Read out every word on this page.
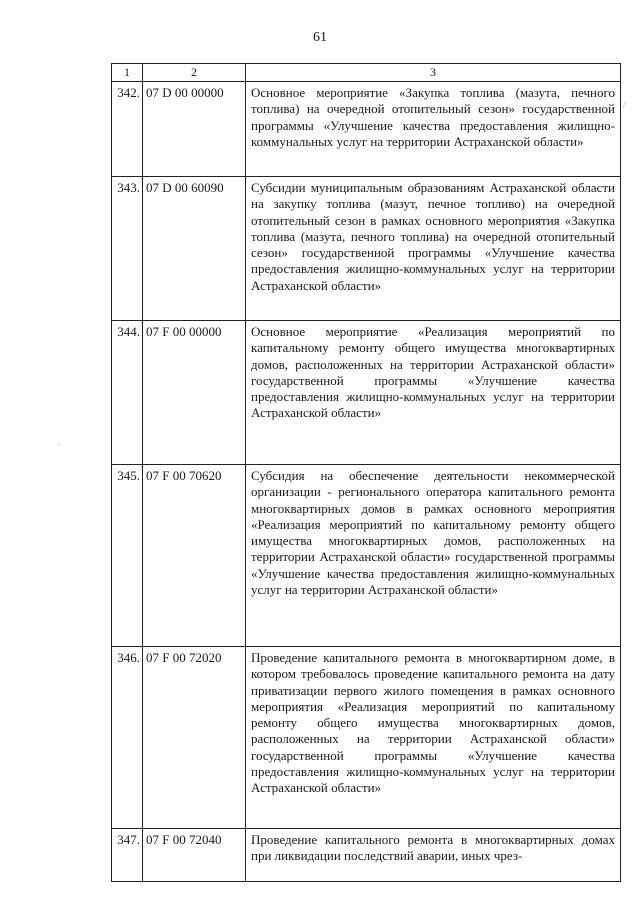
61
/
·
1	2	3
342.	07 D 00 00000	Основное мероприятие «Закупка топлива (мазута, печного топлива) на очередной отопительный сезон» государственной программы «Улучшение качества предоставления жилищно-коммунальных услуг на территории Астраханской области»
343.	07 D 00 60090	Субсидии муниципальным образованиям Астраханской области на закупку топлива (мазут, печное топливо) на очередной отопительный сезон в рамках основного мероприятия «Закупка топлива (мазута, печного топлива) на очередной отопительный сезон» государственной программы «Улучшение качества предоставления жилищно-коммунальных услуг на территории Астраханской области»
344.	07 F 00 00000	Основное мероприятие «Реализация мероприятий по капитальному ремонту общего имущества многоквартирных домов, расположенных на территории Астраханской области» государственной программы «Улучшение качества предоставления жилищно-коммунальных услуг на территории Астраханской области»
345.	07 F 00 70620	Субсидия на обеспечение деятельности некоммерческой организации - регионального оператора капитального ремонта многоквартирных домов в рамках основного мероприятия «Реализация мероприятий по капитальному ремонту общего имущества многоквартирных домов, расположенных на территории Астраханской области» государственной программы «Улучшение качества предоставления жилищно-коммунальных услуг на территории Астраханской области»
346.	07 F 00 72020	Проведение капитального ремонта в многоквартирном доме, в котором требовалось проведение капитального ремонта на дату приватизации первого жилого помещения в рамках основного мероприятия «Реализация мероприятий по капитальному ремонту общего имущества многоквартирных домов, расположенных на территории Астраханской области» государственной программы «Улучшение качества предоставления жилищно-коммунальных услуг на территории Астраханской области»
347.	07 F 00 72040	Проведение капитального ремонта в многоквартирных домах при ликвидации последствий аварии, иных чрез-
